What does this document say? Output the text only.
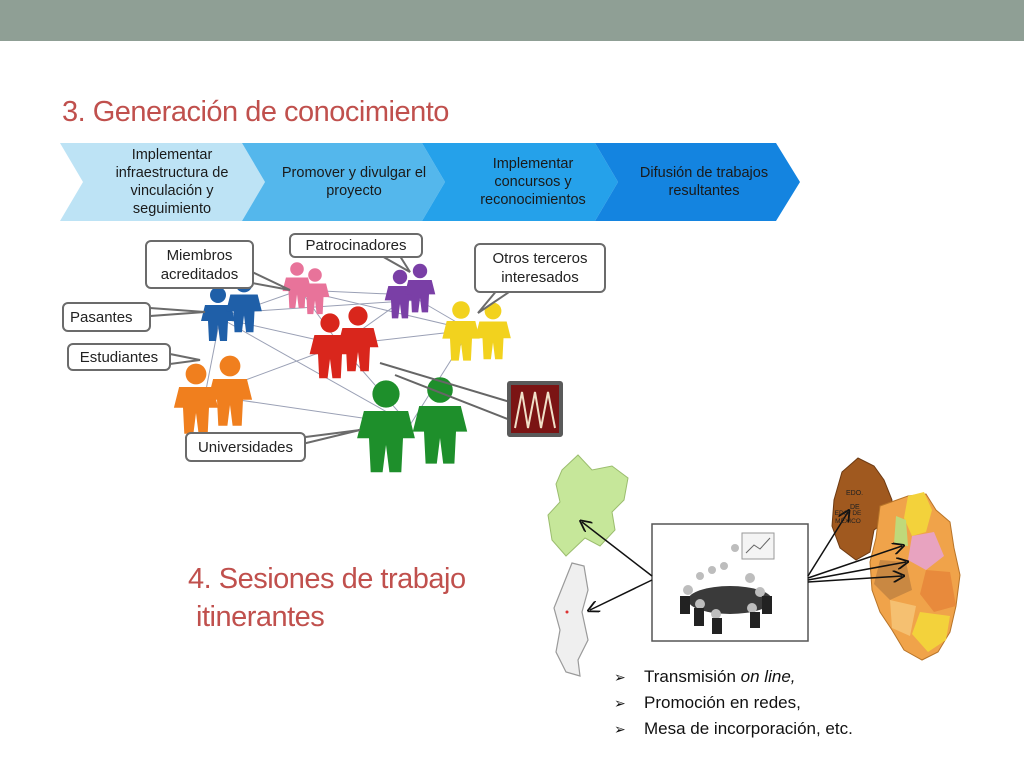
3. Generación de conocimiento
Implementar infraestructura de vinculación y seguimiento
Promover y divulgar el proyecto
Implementar concursos y reconocimientos
Difusión de trabajos resultantes
EDO.
DE
Miembros acreditados
Patrocinadores
Otros terceros interesados
Pasantes
Estudiantes
Universidades
EDO. DE MÉXICO
4. Sesiones de trabajo
itinerantes
➢ Transmisión on line,
➢ Promoción en redes,
➢ Mesa de incorporación, etc.
